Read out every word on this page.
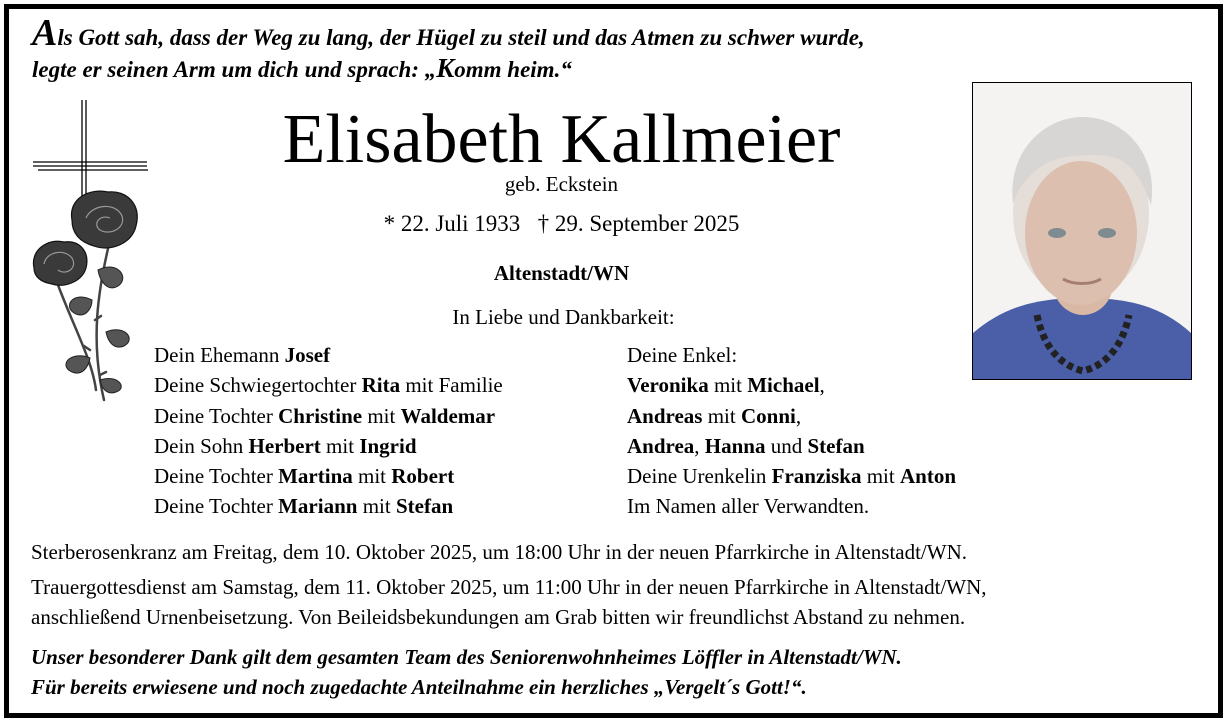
Als Gott sah, dass der Weg zu lang, der Hügel zu steil und das Atmen zu schwer wurde,
legte er seinen Arm um dich und sprach: „Komm heim.“
Elisabeth Kallmeier
geb. Eckstein
* 22. Juli 1933 † 29. September 2025
Altenstadt/WN
In Liebe und Dankbarkeit:
Dein Ehemann Josef
Deine Schwiegertochter Rita mit Familie
Deine Tochter Christine mit Waldemar
Dein Sohn Herbert mit Ingrid
Deine Tochter Martina mit Robert
Deine Tochter Mariann mit Stefan
Deine Enkel:
Veronika mit Michael,
Andreas mit Conni,
Andrea, Hanna und Stefan
Deine Urenkelin Franziska mit Anton
Im Namen aller Verwandten.
Sterberosenkranz am Freitag, dem 10. Oktober 2025, um 18:00 Uhr in der neuen Pfarrkirche in Altenstadt/WN.
Trauergottesdienst am Samstag, dem 11. Oktober 2025, um 11:00 Uhr in der neuen Pfarrkirche in Altenstadt/WN,
anschließend Urnenbeisetzung. Von Beileidsbekundungen am Grab bitten wir freundlichst Abstand zu nehmen.
Unser besonderer Dank gilt dem gesamten Team des Seniorenwohnheimes Löffler in Altenstadt/WN.
Für bereits erwiesene und noch zugedachte Anteilnahme ein herzliches „Vergelt´s Gott!“.
